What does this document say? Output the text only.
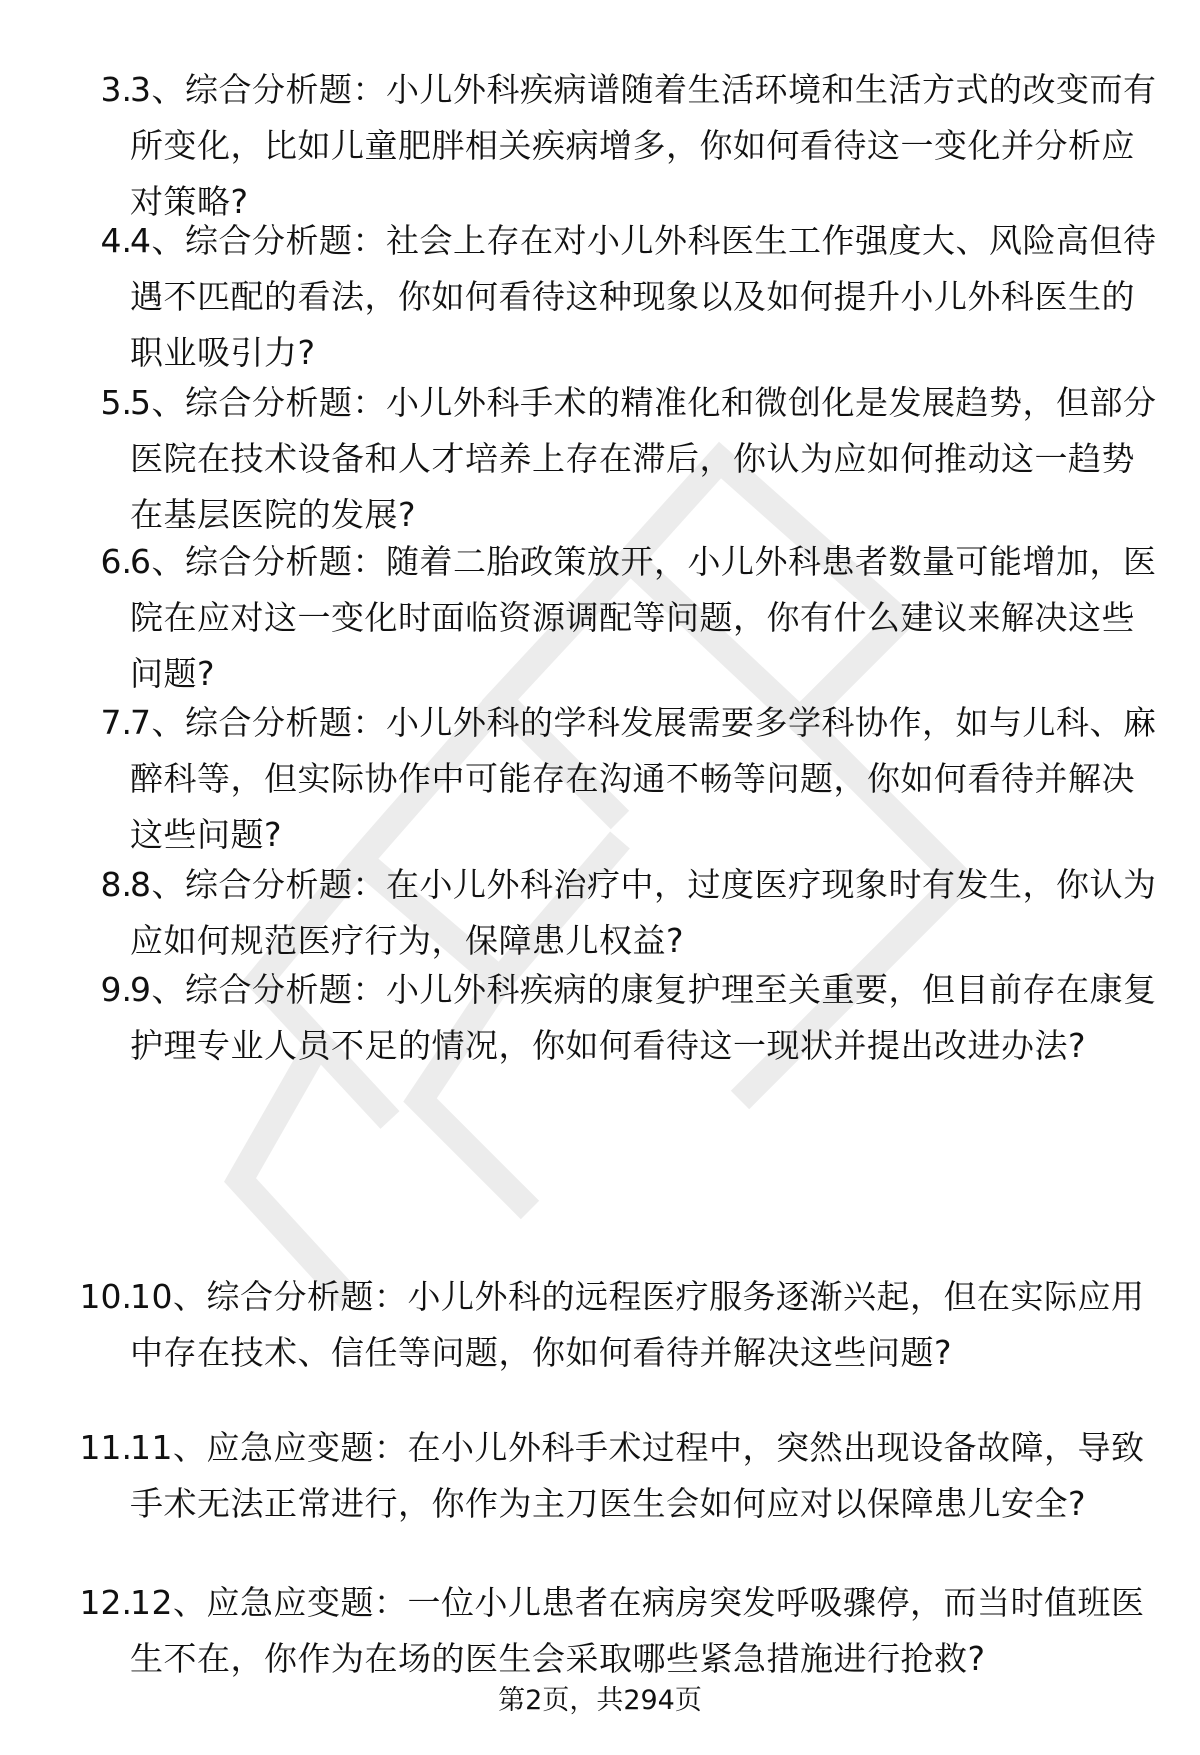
3.
3、综合分析题：小儿外科疾病谱随着生活环境和生活方式的改变而有所变化，比如儿童肥胖相关疾病增多，你如何看待这一变化并分析应对策略?
4.
4、综合分析题：社会上存在对小儿外科医生工作强度大、风险高但待遇不匹配的看法，你如何看待这种现象以及如何提升小儿外科医生的职业吸引力?
5.
5、综合分析题：小儿外科手术的精准化和微创化是发展趋势，但部分医院在技术设备和人才培养上存在滞后，你认为应如何推动这一趋势在基层医院的发展?
6.
6、综合分析题：随着二胎政策放开，小儿外科患者数量可能增加，医院在应对这一变化时面临资源调配等问题，你有什么建议来解决这些问题?
7.
7、综合分析题：小儿外科的学科发展需要多学科协作，如与儿科、麻醉科等，但实际协作中可能存在沟通不畅等问题，你如何看待并解决这些问题?
8.
8、综合分析题：在小儿外科治疗中，过度医疗现象时有发生，你认为应如何规范医疗行为，保障患儿权益?
9.
9、综合分析题：小儿外科疾病的康复护理至关重要，但目前存在康复护理专业人员不足的情况，你如何看待这一现状并提出改进办法?
10.
10、综合分析题：小儿外科的远程医疗服务逐渐兴起，但在实际应用中存在技术、信任等问题，你如何看待并解决这些问题?
11.
11、应急应变题：在小儿外科手术过程中，突然出现设备故障，导致手术无法正常进行，你作为主刀医生会如何应对以保障患儿安全?
12.
12、应急应变题：一位小儿患者在病房突发呼吸骤停，而当时值班医生不在，你作为在场的医生会采取哪些紧急措施进行抢救?
第2页，共294页
